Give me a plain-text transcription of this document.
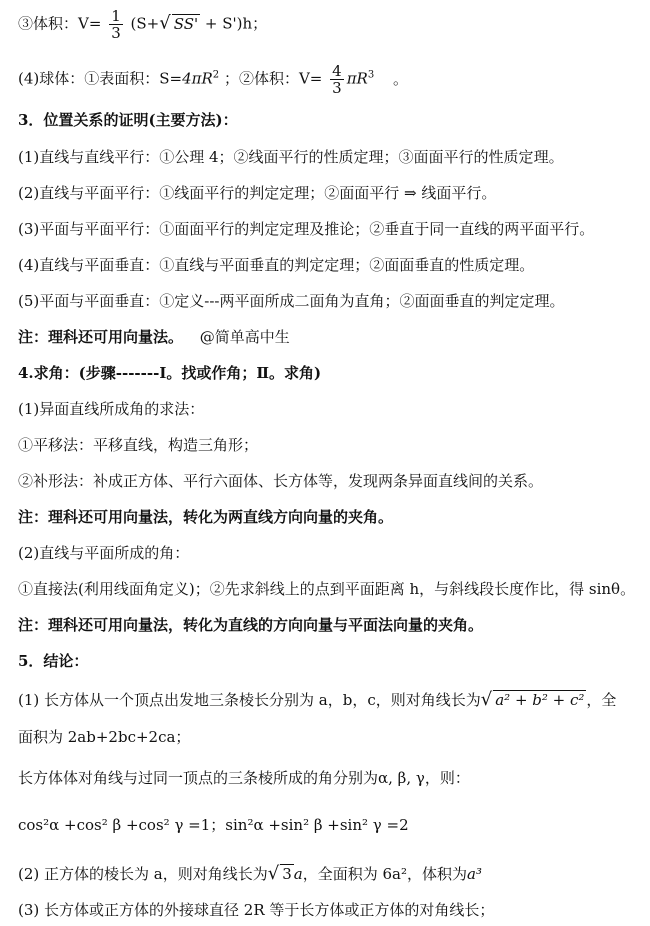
③体积：$V= \frac{1}{3} (S+√$ SS' + S')h；
(4)球体：①表面积：$S=4\pi R^2$ ；②体积：$V= \frac{4}{3} \pi R^3$ 。
3．位置关系的证明(主要方法)：
(1)直线与直线平行：①公理 4；②线面平行的性质定理；③面面平行的性质定理。
(2)直线与平面平行：①线面平行的判定定理；②面面平行 ⇒ 线面平行。
(3)平面与平面平行：①面面平行的判定定理及推论；②垂直于同一直线的两平面平行。
(4)直线与平面垂直：①直线与平面垂直的判定定理；②面面垂直的性质定理。
(5)平面与平面垂直：①定义---两平面所成二面角为直角；②面面垂直的判定定理。
注：理科还可用向量法。 @简单高中生
4.求角：(步骤-------Ⅰ。找或作角；Ⅱ。求角)
(1)异面直线所成角的求法：
①平移法：平移直线，构造三角形；
②补形法：补成正方体、平行六面体、长方体等，发现两条异面直线间的关系。
注：理科还可用向量法，转化为两直线方向向量的夹角。
(2)直线与平面所成的角：
①直接法(利用线面角定义)；②先求斜线上的点到平面距离 h，与斜线段长度作比，得 sinθ。
注：理科还可用向量法，转化为直线的方向向量与平面法向量的夹角。
5．结论：
(1) 长方体从一个顶点出发地三条棱长分别为 a，b，c，则对角线长为√ a² + b² + c² ，全
面积为 2ab+2bc+2ca；
长方体体对角线与过同一顶点的三条棱所成的角分别为α, β, γ，则：
cos²α +cos² β +cos² γ =1；sin²α +sin² β +sin² γ =2
(2) 正方体的棱长为 a，则对角线长为√ 3 a，全面积为 6a²，体积为a³
(3) 长方体或正方体的外接球直径 2R 等于长方体或正方体的对角线长；
